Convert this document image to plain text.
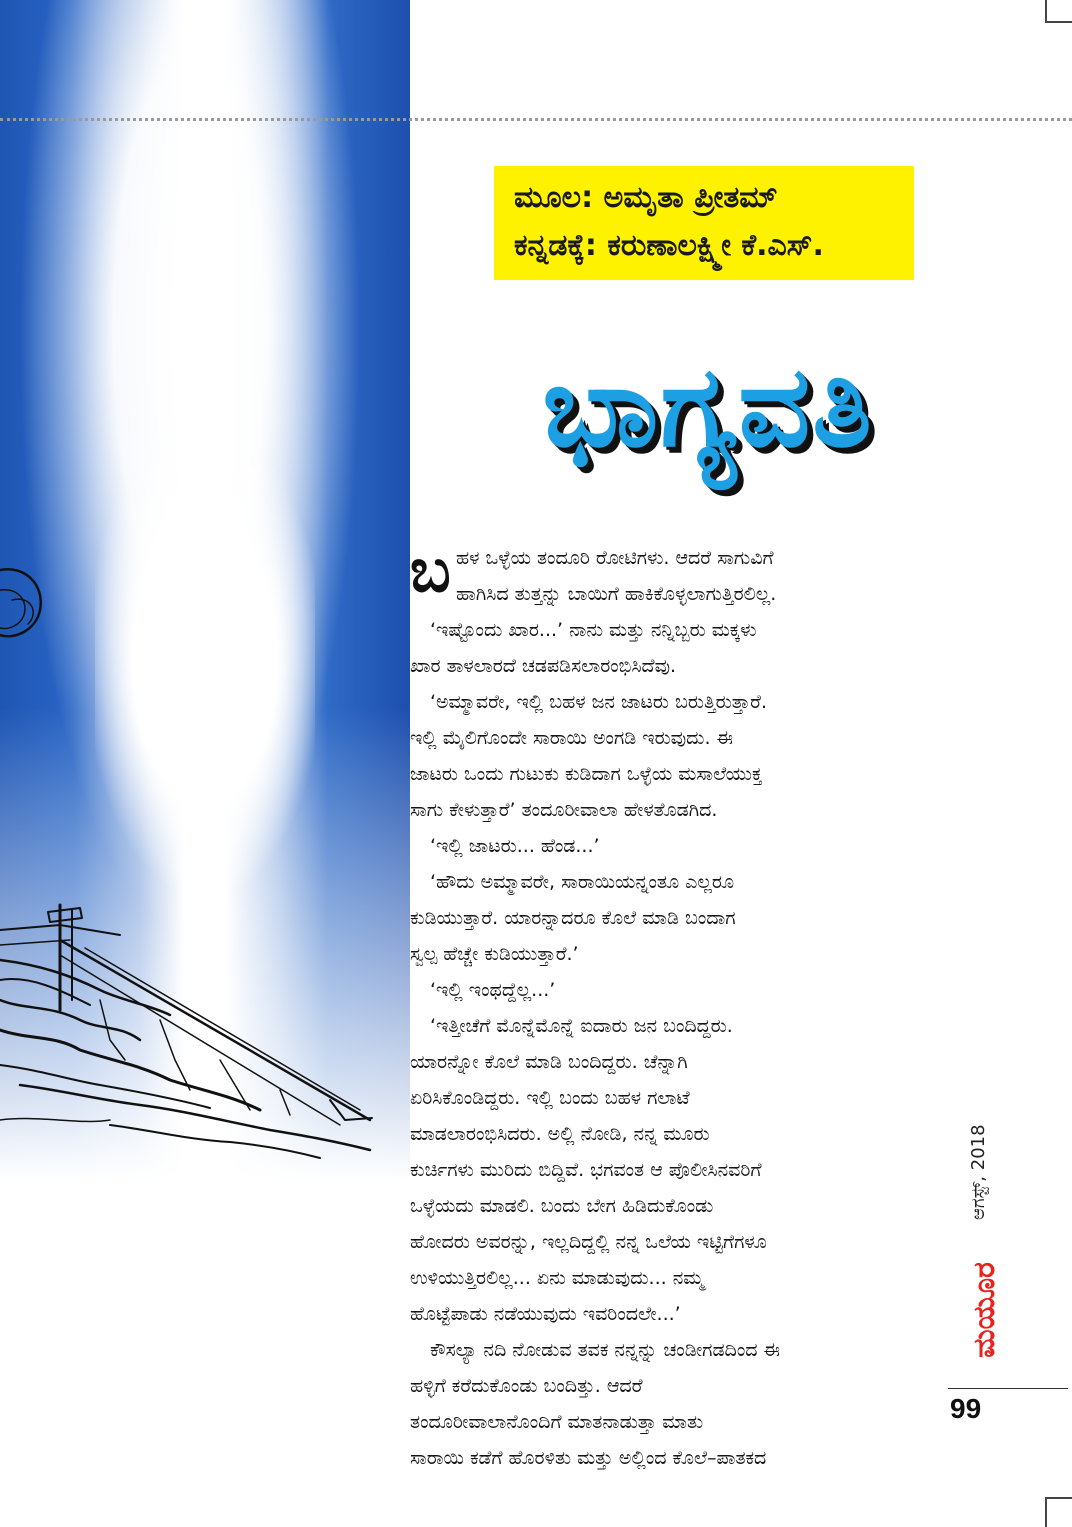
ಮೂಲ: ಅಮೃತಾ ಪ್ರೀತಮ್
ಕನ್ನಡಕ್ಕೆ: ಕರುಣಾಲಕ್ಷ್ಮೀ ಕೆ.ಎಸ್.
ಭಾಗ್ಯವತಿ
ಬ ಹಳ ಒಳ್ಳೆಯ ತಂದೂರಿ ರೋಟಿಗಳು. ಆದರೆ ಸಾಗುವಿಗೆ

ಹಾಗಿಸಿದ ತುತ್ತನ್ನು ಬಾಯಿಗೆ ಹಾಕಿಕೊಳ್ಳಲಾಗುತ್ತಿರಲಿಲ್ಲ.

‘ಇಷ್ಟೊಂದು ಖಾರ...’ ನಾನು ಮತ್ತು ನನ್ನಿಬ್ಬರು ಮಕ್ಕಳು

ಖಾರ ತಾಳಲಾರದೆ ಚಡಪಡಿಸಲಾರಂಭಿಸಿದೆವು.

‘ಅಮ್ಮಾವರೇ, ಇಲ್ಲಿ ಬಹಳ ಜನ ಜಾಟರು ಬರುತ್ತಿರುತ್ತಾರೆ.

ಇಲ್ಲಿ ಮೈಲಿಗೊಂದೇ ಸಾರಾಯಿ ಅಂಗಡಿ ಇರುವುದು. ಈ

ಜಾಟರು ಒಂದು ಗುಟುಕು ಕುಡಿದಾಗ ಒಳ್ಳೆಯ ಮಸಾಲೆಯುಕ್ತ

ಸಾಗು ಕೇಳುತ್ತಾರೆ’ ತಂದೂರೀವಾಲಾ ಹೇಳತೊಡಗಿದ.

‘ಇಲ್ಲಿ ಜಾಟರು... ಹೆಂಡ...’

‘ಹೌದು ಅಮ್ಮಾವರೇ, ಸಾರಾಯಿಯನ್ನಂತೂ ಎಲ್ಲರೂ

ಕುಡಿಯುತ್ತಾರೆ. ಯಾರನ್ನಾದರೂ ಕೊಲೆ ಮಾಡಿ ಬಂದಾಗ

ಸ್ವಲ್ಪ ಹೆಚ್ಚೇ ಕುಡಿಯುತ್ತಾರೆ.’

‘ಇಲ್ಲಿ ಇಂಥದ್ದೆಲ್ಲ...’

‘ಇತ್ತೀಚೆಗೆ ಮೊನ್ನೆಮೊನ್ನೆ ಐದಾರು ಜನ ಬಂದಿದ್ದರು.

ಯಾರನ್ನೋ ಕೊಲೆ ಮಾಡಿ ಬಂದಿದ್ದರು. ಚೆನ್ನಾಗಿ

ಏರಿಸಿಕೊಂಡಿದ್ದರು. ಇಲ್ಲಿ ಬಂದು ಬಹಳ ಗಲಾಟೆ

ಮಾಡಲಾರಂಭಿಸಿದರು. ಅಲ್ಲಿ ನೋಡಿ, ನನ್ನ ಮೂರು

ಕುರ್ಚಿಗಳು ಮುರಿದು ಬಿದ್ದಿವೆ. ಭಗವಂತ ಆ ಪೊಲೀಸಿನವರಿಗೆ

ಒಳ್ಳೆಯದು ಮಾಡಲಿ. ಬಂದು ಬೇಗ ಹಿಡಿದುಕೊಂಡು

ಹೋದರು ಅವರನ್ನು, ಇಲ್ಲದಿದ್ದಲ್ಲಿ ನನ್ನ ಒಲೆಯ ಇಟ್ಟಿಗೆಗಳೂ

ಉಳಿಯುತ್ತಿರಲಿಲ್ಲ... ಏನು ಮಾಡುವುದು... ನಮ್ಮ

ಹೊಟ್ಟೆಪಾಡು ನಡೆಯುವುದು ಇವರಿಂದಲೇ...’

ಕೌಸಲ್ಯಾ ನದಿ ನೋಡುವ ತವಕ ನನ್ನನ್ನು ಚಂಡೀಗಡದಿಂದ ಈ

ಹಳ್ಳಿಗೆ ಕರೆದುಕೊಂಡು ಬಂದಿತ್ತು. ಆದರೆ

ತಂದೂರೀವಾಲಾನೊಂದಿಗೆ ಮಾತನಾಡುತ್ತಾ ಮಾತು

ಸಾರಾಯಿ ಕಡೆಗೆ ಹೊರಳಿತು ಮತ್ತು ಅಲ್ಲಿಂದ ಕೊಲೆ–ಪಾತಕದ

ಆಗಸ್ಟ್, 2018
ಮಯೂರ
99
